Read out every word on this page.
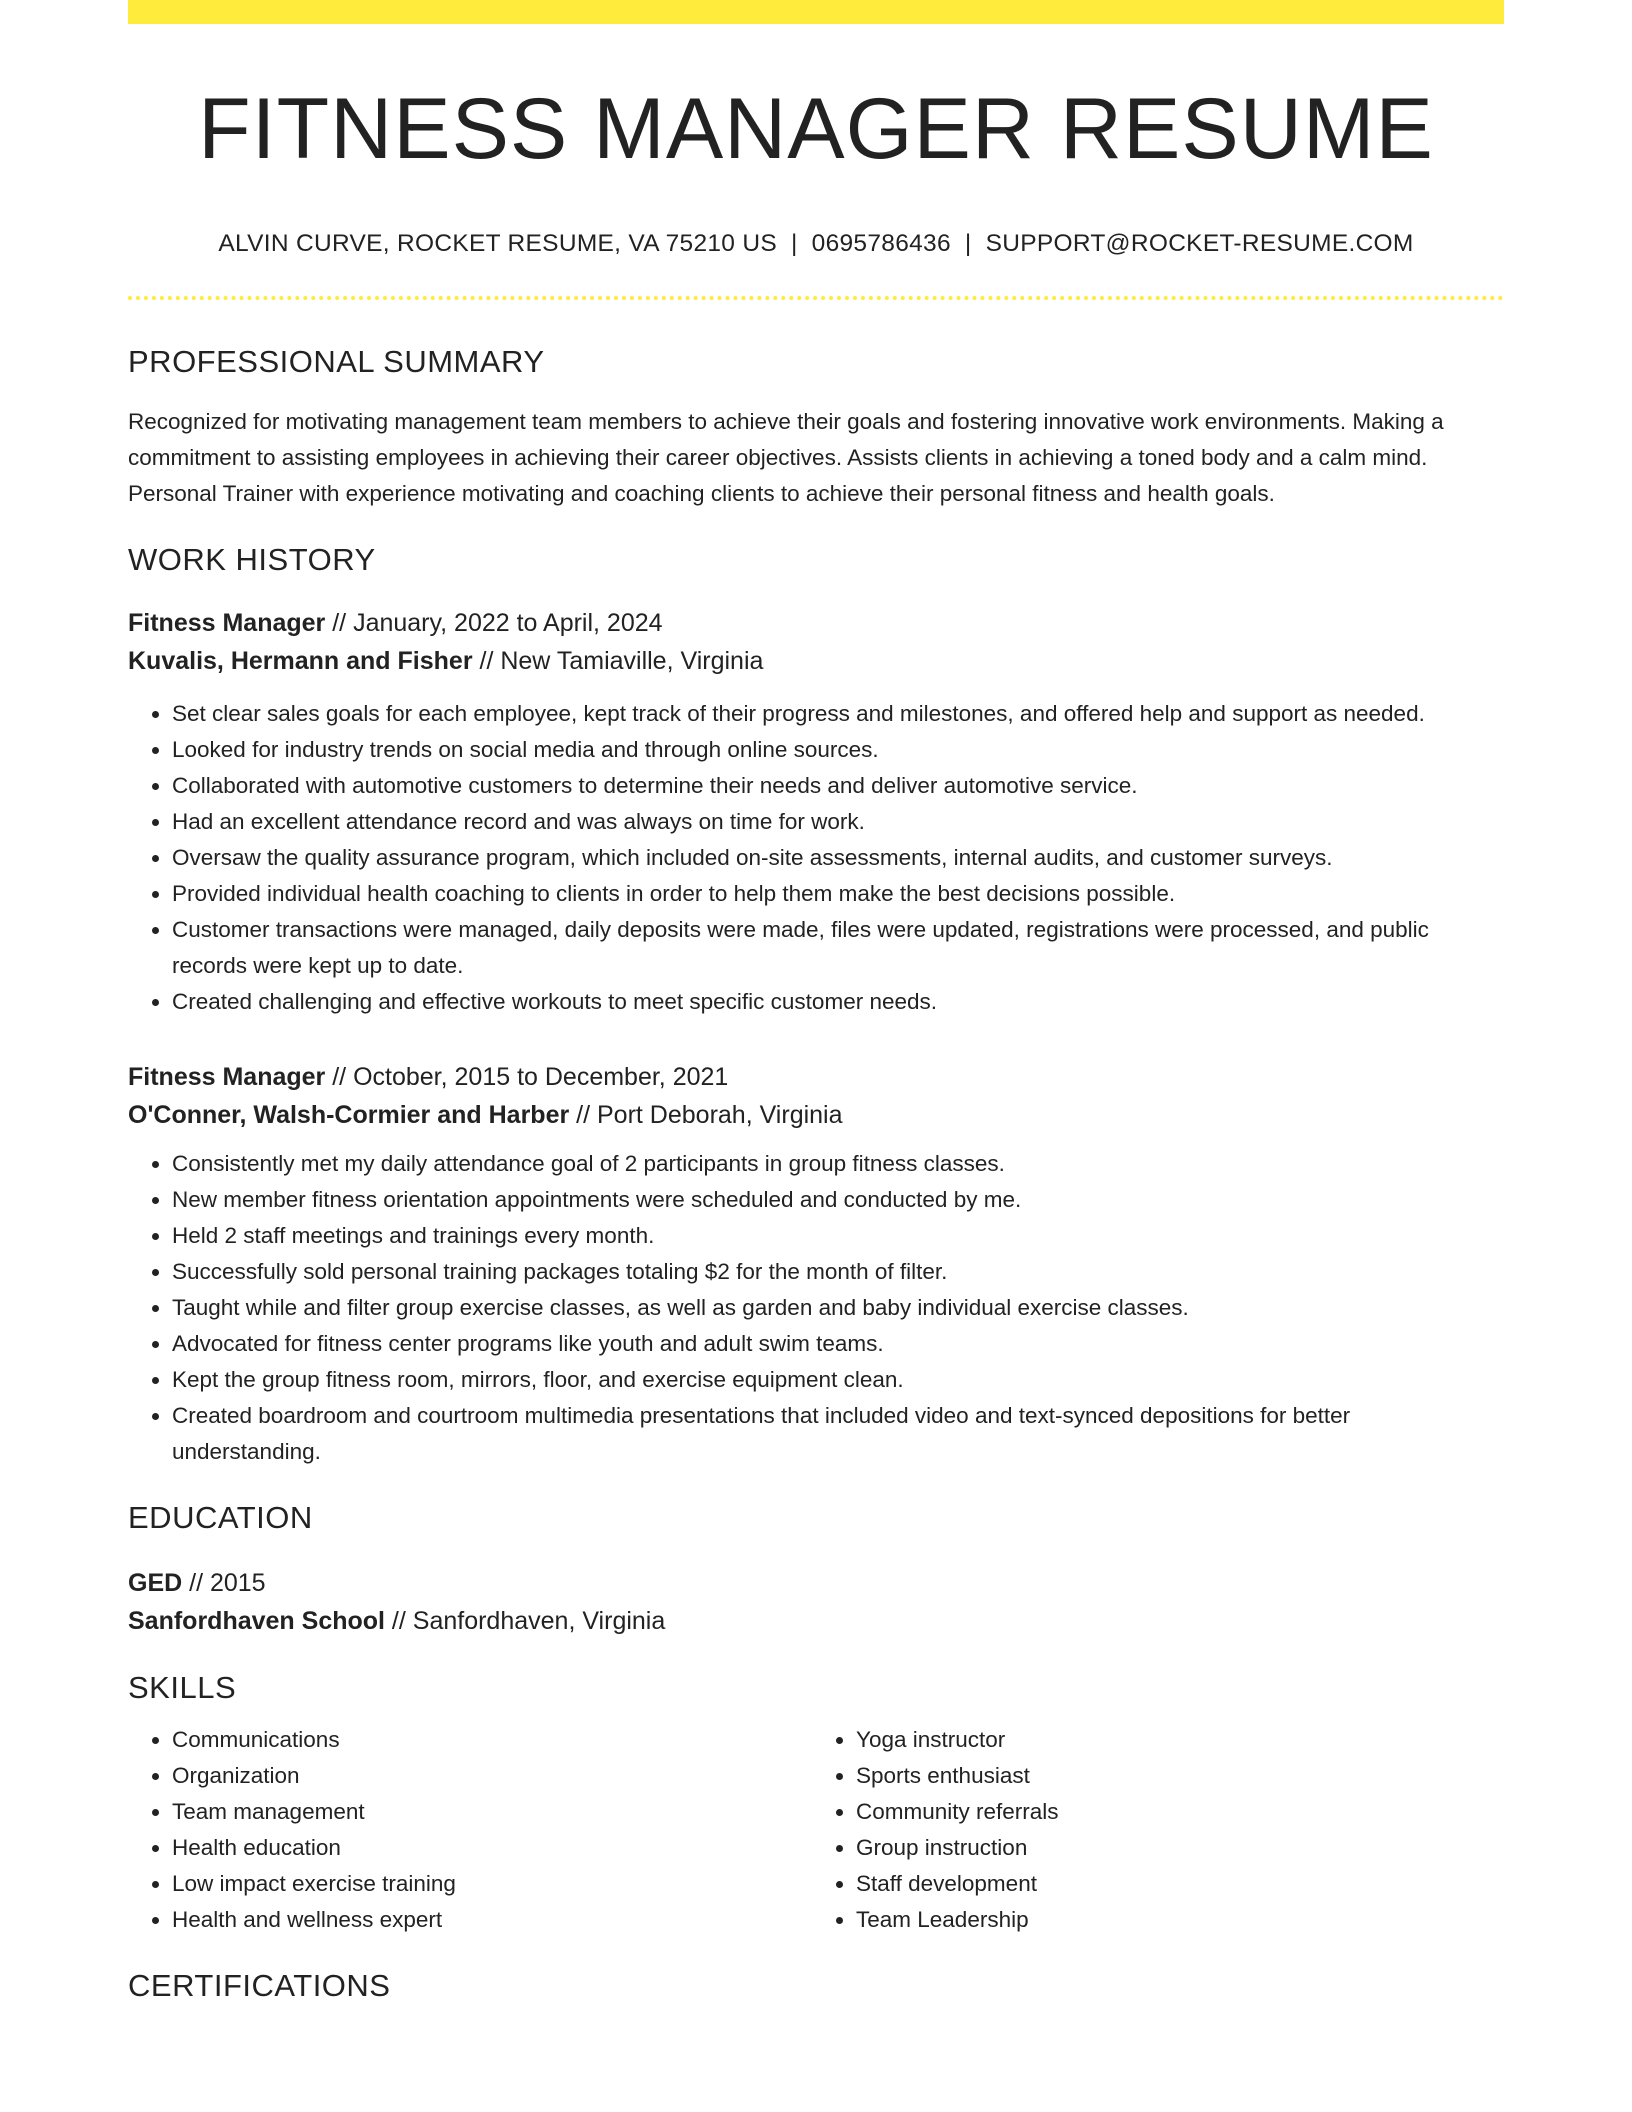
FITNESS MANAGER RESUME
ALVIN CURVE, ROCKET RESUME, VA 75210 US | 0695786436 | SUPPORT@ROCKET-RESUME.COM
PROFESSIONAL SUMMARY

Recognized for motivating management team members to achieve their goals and fostering innovative work environments. Making a commitment to assisting employees in achieving their career objectives. Assists clients in achieving a toned body and a calm mind. Personal Trainer with experience motivating and coaching clients to achieve their personal fitness and health goals.

WORK HISTORY
Fitness Manager // January, 2022 to April, 2024
Kuvalis, Hermann and Fisher // New Tamiaville, Virginia
• Set clear sales goals for each employee, kept track of their progress and milestones, and offered help and support as needed.
• Looked for industry trends on social media and through online sources.
• Collaborated with automotive customers to determine their needs and deliver automotive service.
• Had an excellent attendance record and was always on time for work.
• Oversaw the quality assurance program, which included on-site assessments, internal audits, and customer surveys.
• Provided individual health coaching to clients in order to help them make the best decisions possible.
• Customer transactions were managed, daily deposits were made, files were updated, registrations were processed, and public records were kept up to date.
• Created challenging and effective workouts to meet specific customer needs.
Fitness Manager // October, 2015 to December, 2021
O'Conner, Walsh-Cormier and Harber // Port Deborah, Virginia
• Consistently met my daily attendance goal of 2 participants in group fitness classes.
• New member fitness orientation appointments were scheduled and conducted by me.
• Held 2 staff meetings and trainings every month.
• Successfully sold personal training packages totaling $2 for the month of filter.
• Taught while and filter group exercise classes, as well as garden and baby individual exercise classes.
• Advocated for fitness center programs like youth and adult swim teams.
• Kept the group fitness room, mirrors, floor, and exercise equipment clean.
• Created boardroom and courtroom multimedia presentations that included video and text-synced depositions for better understanding.
EDUCATION
GED // 2015
Sanfordhaven School // Sanfordhaven, Virginia
SKILLS
• Communications
• Organization
• Team management
• Health education
• Low impact exercise training
• Health and wellness expert
• Yoga instructor
• Sports enthusiast
• Community referrals
• Group instruction
• Staff development
• Team Leadership
CERTIFICATIONS
